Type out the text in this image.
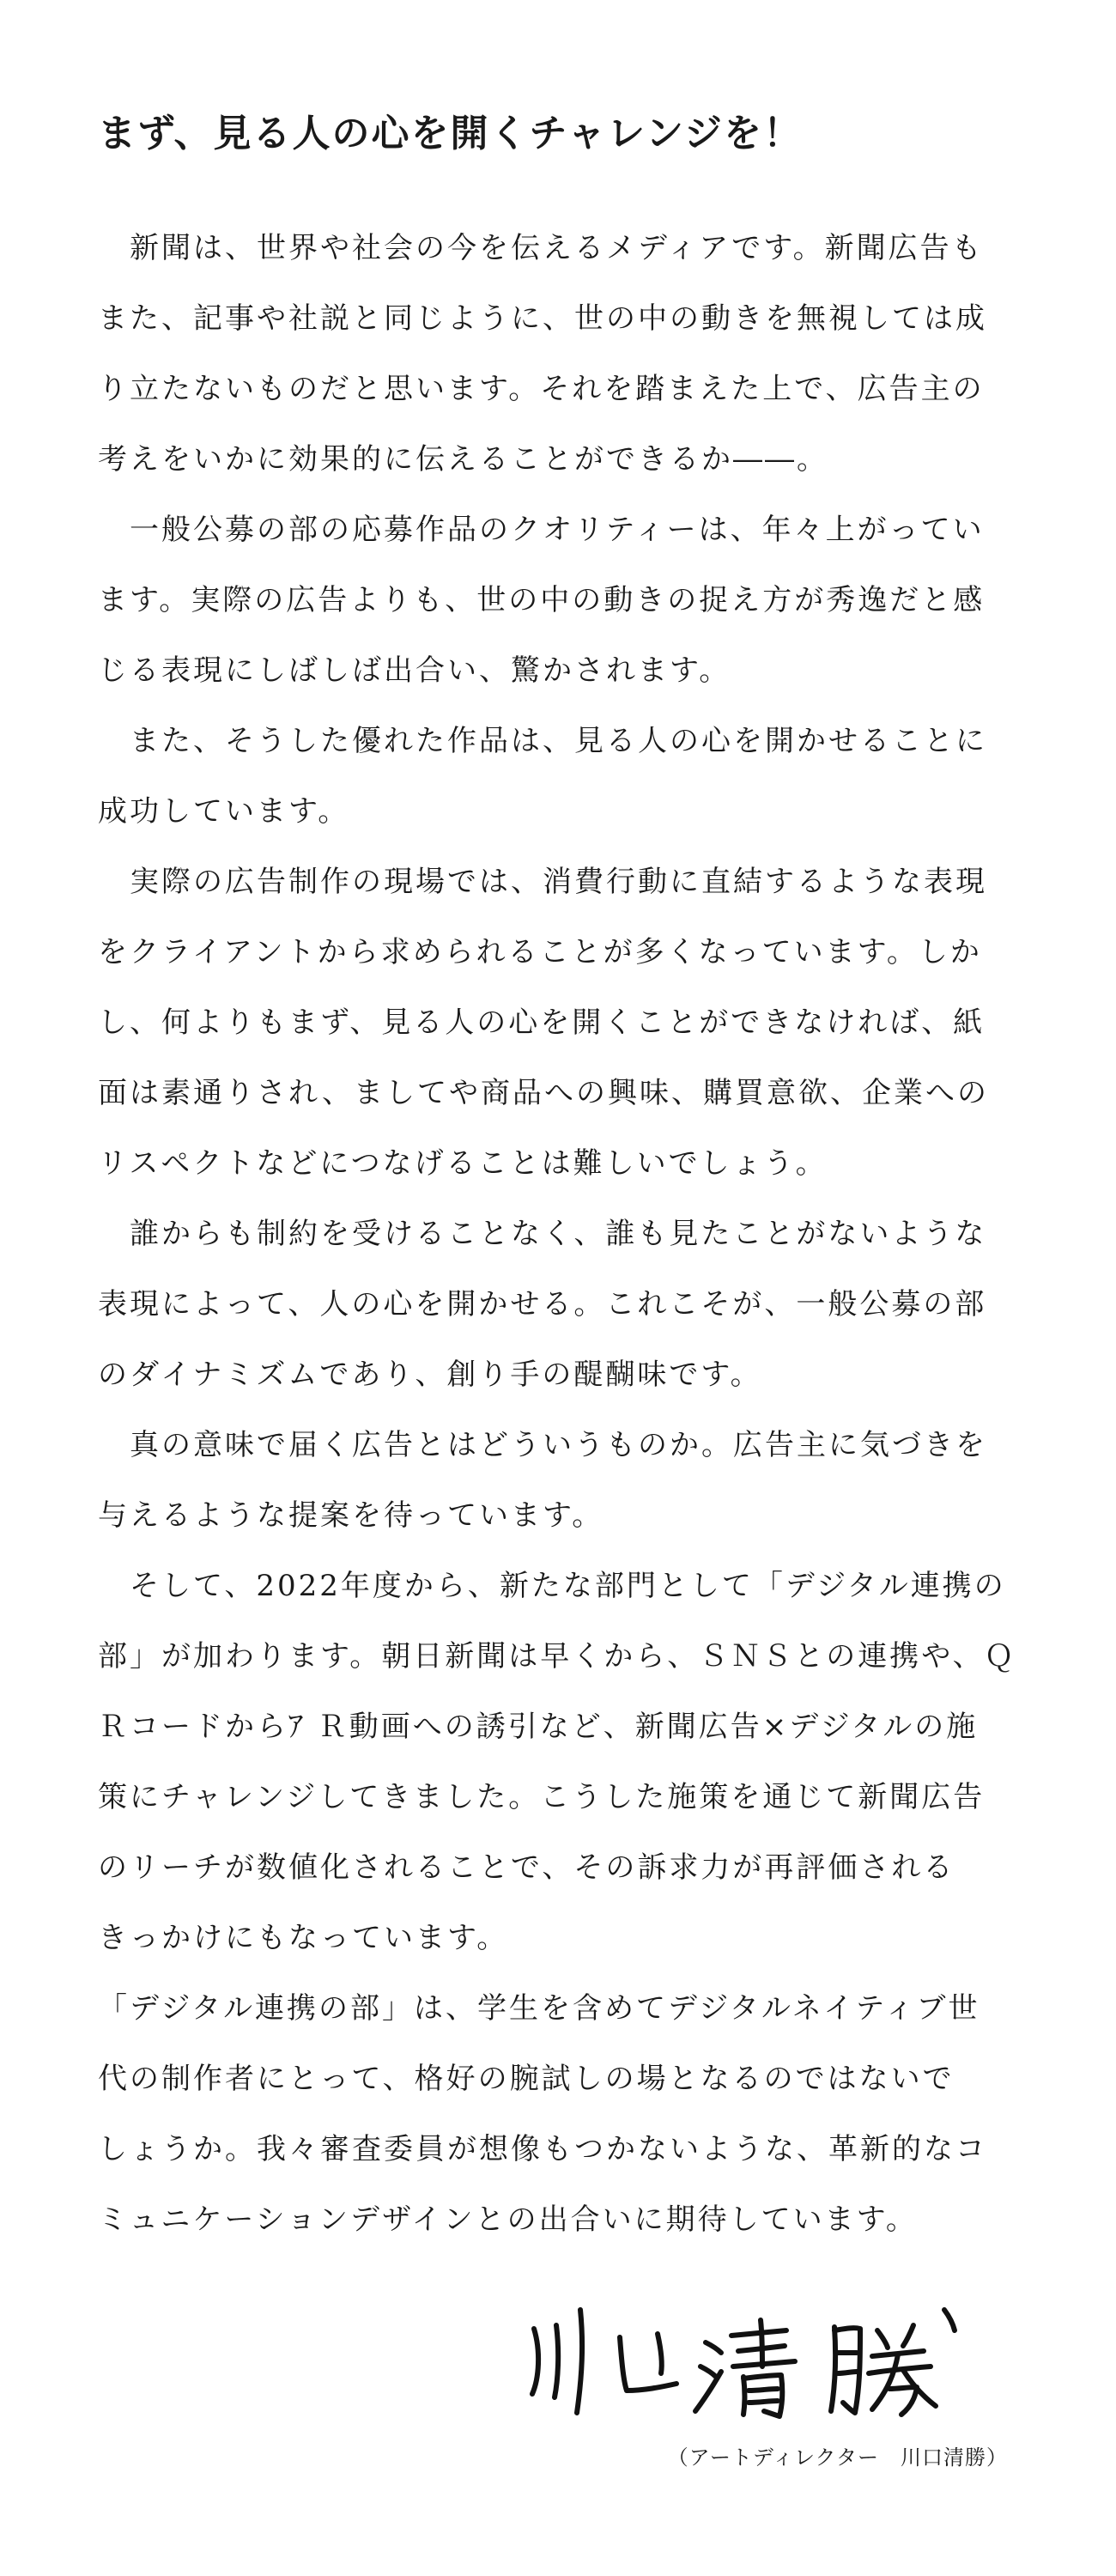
まず、見る人の心を開くチャレンジを！

　新聞は、世界や社会の今を伝えるメディアです。新聞広告も
また、記事や社説と同じように、世の中の動きを無視しては成
り立たないものだと思います。それを踏まえた上で、広告主の
考えをいかに効果的に伝えることができるか――。

　一般公募の部の応募作品のクオリティーは、年々上がってい
ます。実際の広告よりも、世の中の動きの捉え方が秀逸だと感
じる表現にしばしば出合い、驚かされます。

　また、そうした優れた作品は、見る人の心を開かせることに
成功しています。

　実際の広告制作の現場では、消費行動に直結するような表現
をクライアントから求められることが多くなっています。しか
し、何よりもまず、見る人の心を開くことができなければ、紙
面は素通りされ、ましてや商品への興味、購買意欲、企業への
リスペクトなどにつなげることは難しいでしょう。

　誰からも制約を受けることなく、誰も見たことがないような
表現によって、人の心を開かせる。これこそが、一般公募の部
のダイナミズムであり、創り手の醍醐味です。

　真の意味で届く広告とはどういうものか。広告主に気づきを
与えるような提案を待っています。

　そして、2022年度から、新たな部門として「デジタル連携の
部」が加わります。朝日新聞は早くから、ＳＮＳとの連携や、Ｑ
Ｒコードからｱ Ｒ動画への誘引など、新聞広告×デジタルの施
策にチャレンジしてきました。こうした施策を通じて新聞広告
のリーチが数値化されることで、その訴求力が再評価される
きっかけにもなっています。

「デジタル連携の部」は、学生を含めてデジタルネイティブ世
代の制作者にとって、格好の腕試しの場となるのではないで
しょうか。我々審査委員が想像もつかないような、革新的なコ
ミュニケーションデザインとの出合いに期待しています。

（アートディレクター　川口清勝）
